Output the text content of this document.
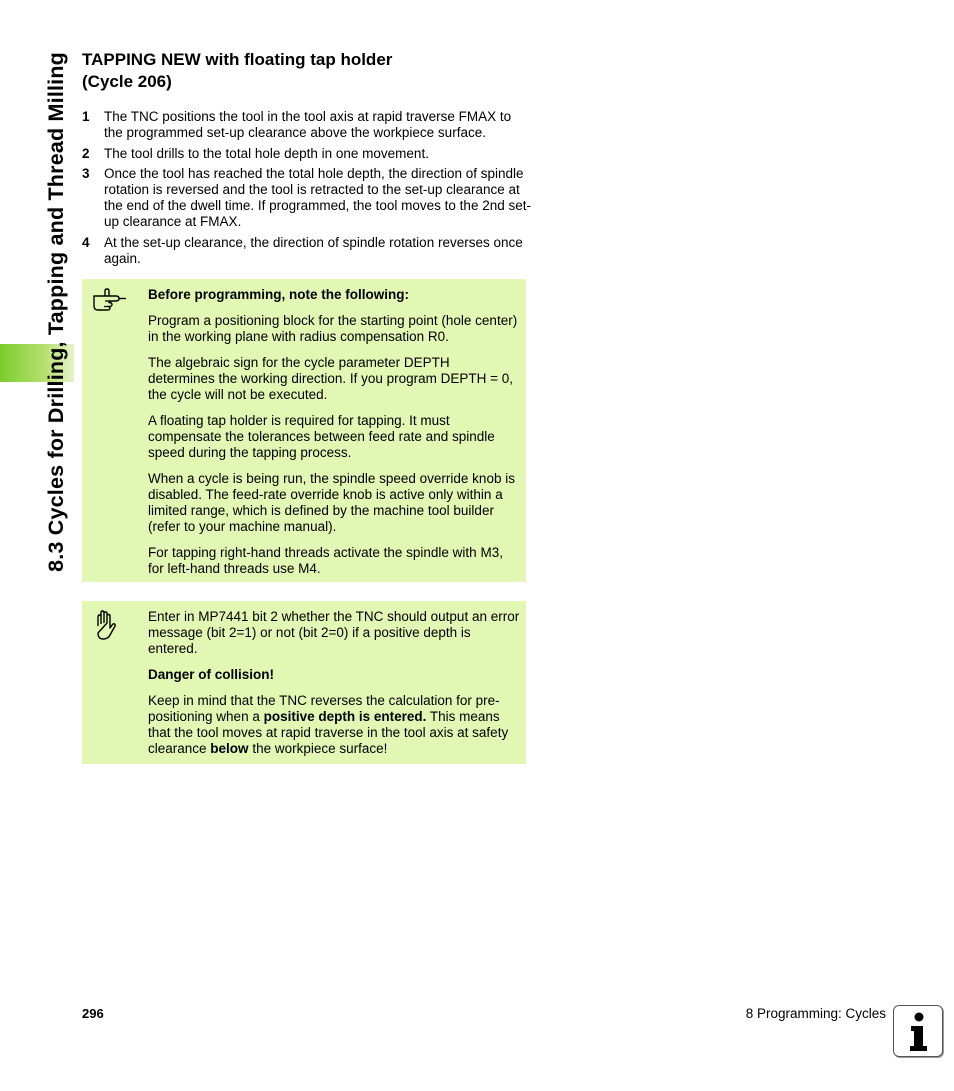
8.3 Cycles for Drilling, Tapping and Thread Milling TAPPING NEW with floating tap holder
(Cycle 206)
1	The TNC positions the tool in the tool axis at rapid traverse FMAX to the programmed set-up clearance above the workpiece surface.
2	The tool drills to the total hole depth in one movement.
3	Once the tool has reached the total hole depth, the direction of spindle rotation is reversed and the tool is retracted to the set-up clearance at the end of the dwell time. If programmed, the tool moves to the 2nd set-up clearance at FMAX.
4	At the set-up clearance, the direction of spindle rotation reverses once again.

Before programming, note the following:

Program a positioning block for the starting point (hole center) in the working plane with radius compensation R0.

The algebraic sign for the cycle parameter DEPTH determines the working direction. If you program DEPTH = 0, the cycle will not be executed.

A floating tap holder is required for tapping. It must compensate the tolerances between feed rate and spindle speed during the tapping process.

When a cycle is being run, the spindle speed override knob is disabled. The feed-rate override knob is active only within a limited range, which is defined by the machine tool builder (refer to your machine manual).

For tapping right-hand threads activate the spindle with M3, for left-hand threads use M4.

Enter in MP7441 bit 2 whether the TNC should output an error message (bit 2=1) or not (bit 2=0) if a positive depth is entered.

Danger of collision!

Keep in mind that the TNC reverses the calculation for pre-positioning when a positive depth is entered. This means that the tool moves at rapid traverse in the tool axis at safety clearance below the workpiece surface!

296	8 Programming: Cycles
